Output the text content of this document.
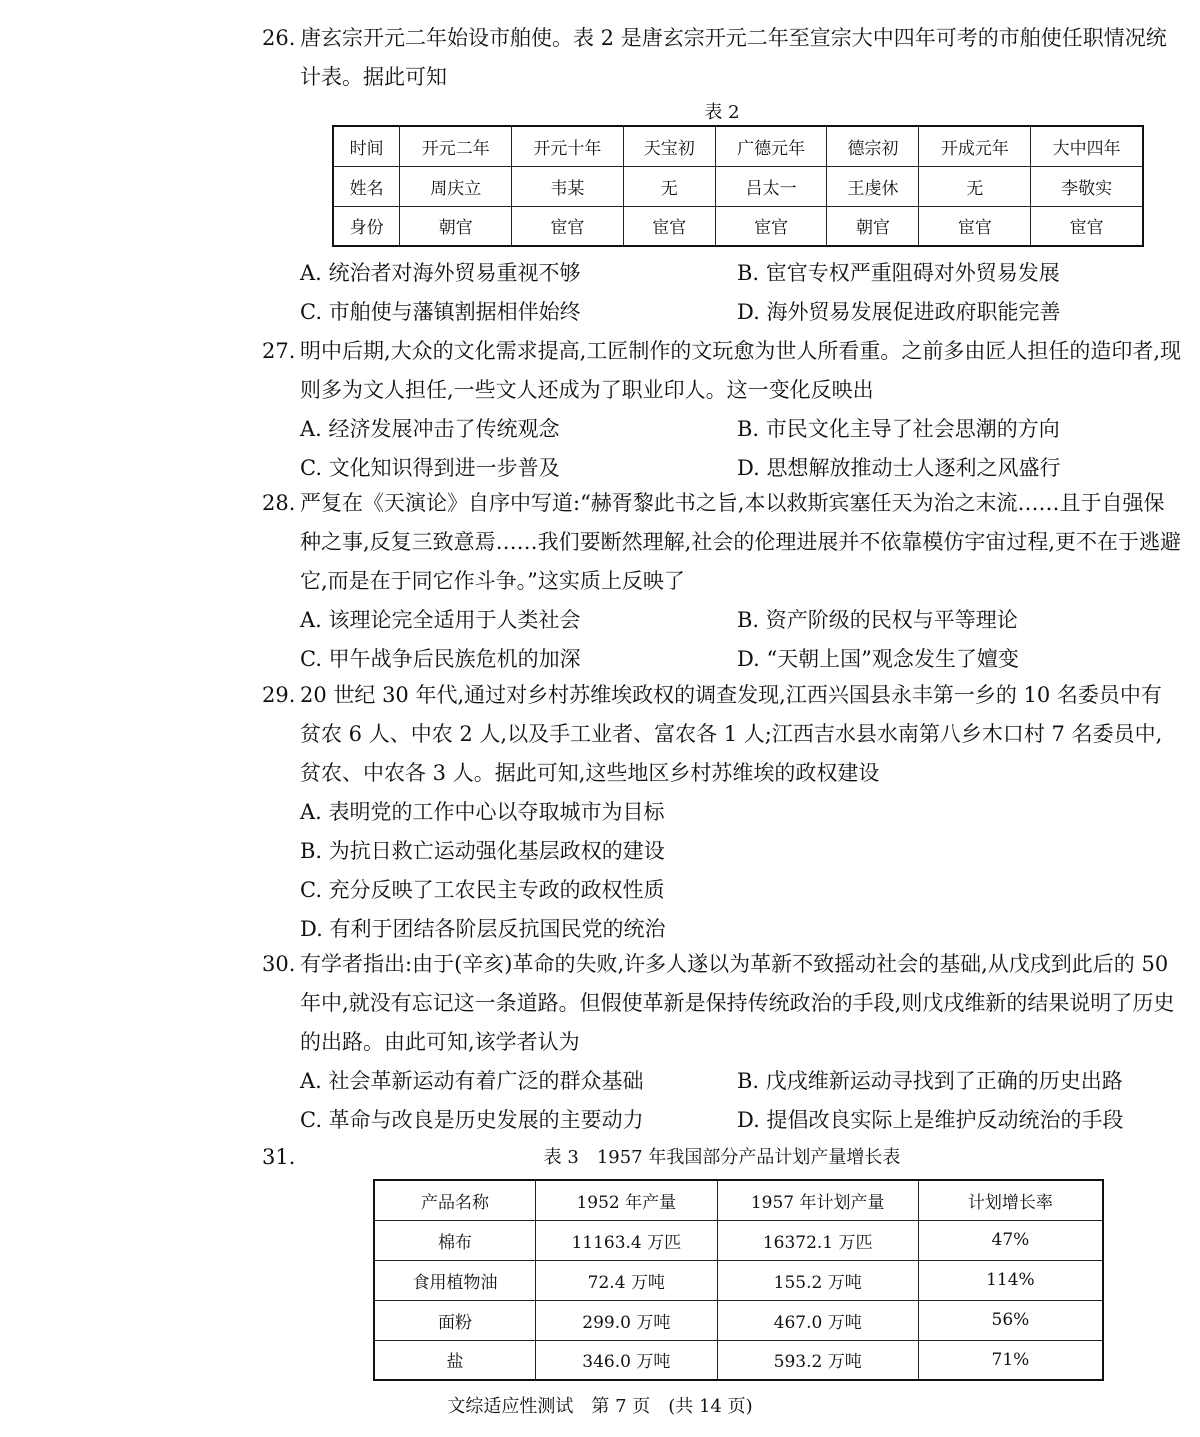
26. 唐玄宗开元二年始设市舶使。表 2 是唐玄宗开元二年至宣宗大中四年可考的市舶使任职情况统计表。据此可知
表 2
时间	开元二年	开元十年	天宝初	广德元年	德宗初	开成元年	大中四年
姓名	周庆立	韦某	无	吕太一	王虔休	无	李敬实
身份	朝官	宦官	宦官	宦官	朝官	宦官	宦官
A. 统治者对海外贸易重视不够	B. 宦官专权严重阻碍对外贸易发展
C. 市舶使与藩镇割据相伴始终	D. 海外贸易发展促进政府职能完善
27. 明中后期,大众的文化需求提高,工匠制作的文玩愈为世人所看重。之前多由匠人担任的造印者,现则多为文人担任,一些文人还成为了职业印人。这一变化反映出
A. 经济发展冲击了传统观念	B. 市民文化主导了社会思潮的方向
C. 文化知识得到进一步普及	D. 思想解放推动士人逐利之风盛行
28. 严复在《天演论》自序中写道:“赫胥黎此书之旨,本以救斯宾塞任天为治之末流……且于自强保种之事,反复三致意焉……我们要断然理解,社会的伦理进展并不依靠模仿宇宙过程,更不在于逃避它,而是在于同它作斗争。”这实质上反映了
A. 该理论完全适用于人类社会	B. 资产阶级的民权与平等理论
C. 甲午战争后民族危机的加深	D. “天朝上国”观念发生了嬗变
29. 20 世纪 30 年代,通过对乡村苏维埃政权的调查发现,江西兴国县永丰第一乡的 10 名委员中有贫农 6 人、中农 2 人,以及手工业者、富农各 1 人;江西吉水县水南第八乡木口村 7 名委员中,贫农、中农各 3 人。据此可知,这些地区乡村苏维埃的政权建设
A. 表明党的工作中心以夺取城市为目标
B. 为抗日救亡运动强化基层政权的建设
C. 充分反映了工农民主专政的政权性质
D. 有利于团结各阶层反抗国民党的统治
30. 有学者指出:由于(辛亥)革命的失败,许多人遂以为革新不致摇动社会的基础,从戊戌到此后的 50 年中,就没有忘记这一条道路。但假使革新是保持传统政治的手段,则戊戌维新的结果说明了历史的出路。由此可知,该学者认为
A. 社会革新运动有着广泛的群众基础	B. 戊戌维新运动寻找到了正确的历史出路
C. 革命与改良是历史发展的主要动力	D. 提倡改良实际上是维护反动统治的手段
31.	表 3　1957 年我国部分产品计划产量增长表
产品名称	1952 年产量	1957 年计划产量	计划增长率
棉布	11163.4 万匹	16372.1 万匹	47%
食用植物油	72.4 万吨	155.2 万吨	114%
面粉	299.0 万吨	467.0 万吨	56%
盐	346.0 万吨	593.2 万吨	71%
文综适应性测试　第 7 页　(共 14 页)
